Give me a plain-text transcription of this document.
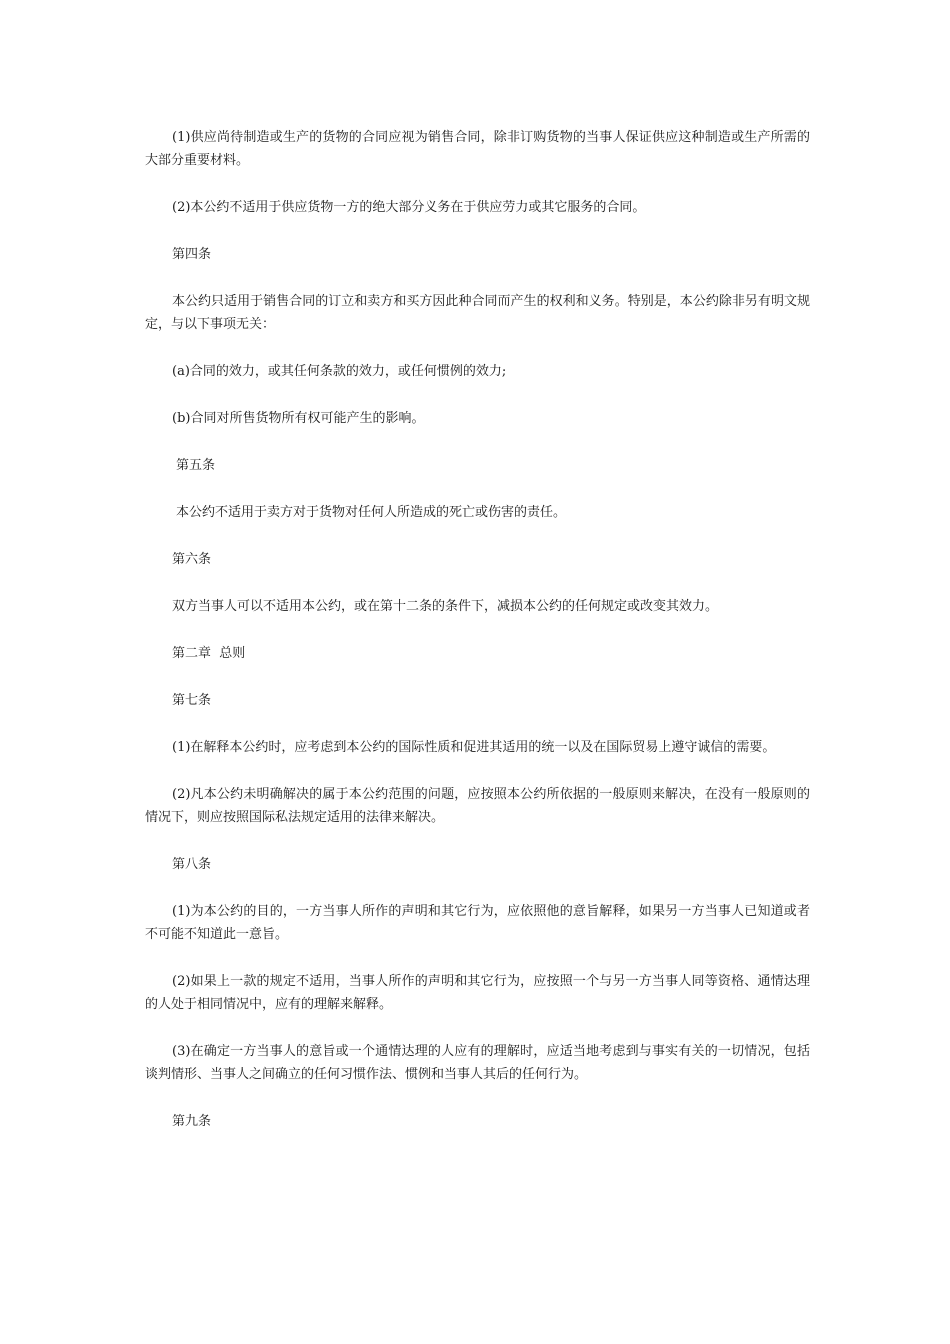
(1)供应尚待制造或生产的货物的合同应视为销售合同，除非订购货物的当事人保证供应这种制造或生产所需的大部分重要材料。

(2)本公约不适用于供应货物一方的绝大部分义务在于供应劳力或其它服务的合同。

第四条

本公约只适用于销售合同的订立和卖方和买方因此种合同而产生的权利和义务。特别是，本公约除非另有明文规定，与以下事项无关：

(a)合同的效力，或其任何条款的效力，或任何惯例的效力;

(b)合同对所售货物所有权可能产生的影响。

第五条

本公约不适用于卖方对于货物对任何人所造成的死亡或伤害的责任。

第六条

双方当事人可以不适用本公约，或在第十二条的条件下，减损本公约的任何规定或改变其效力。

第二章  总则

第七条

(1)在解释本公约时，应考虑到本公约的国际性质和促进其适用的统一以及在国际贸易上遵守诚信的需要。

(2)凡本公约未明确解决的属于本公约范围的问题，应按照本公约所依据的一般原则来解决，在没有一般原则的情况下，则应按照国际私法规定适用的法律来解决。

第八条

(1)为本公约的目的，一方当事人所作的声明和其它行为，应依照他的意旨解释，如果另一方当事人已知道或者不可能不知道此一意旨。

(2)如果上一款的规定不适用，当事人所作的声明和其它行为，应按照一个与另一方当事人同等资格、通情达理的人处于相同情况中，应有的理解来解释。

(3)在确定一方当事人的意旨或一个通情达理的人应有的理解时，应适当地考虑到与事实有关的一切情况，包括谈判情形、当事人之间确立的任何习惯作法、惯例和当事人其后的任何行为。

第九条
